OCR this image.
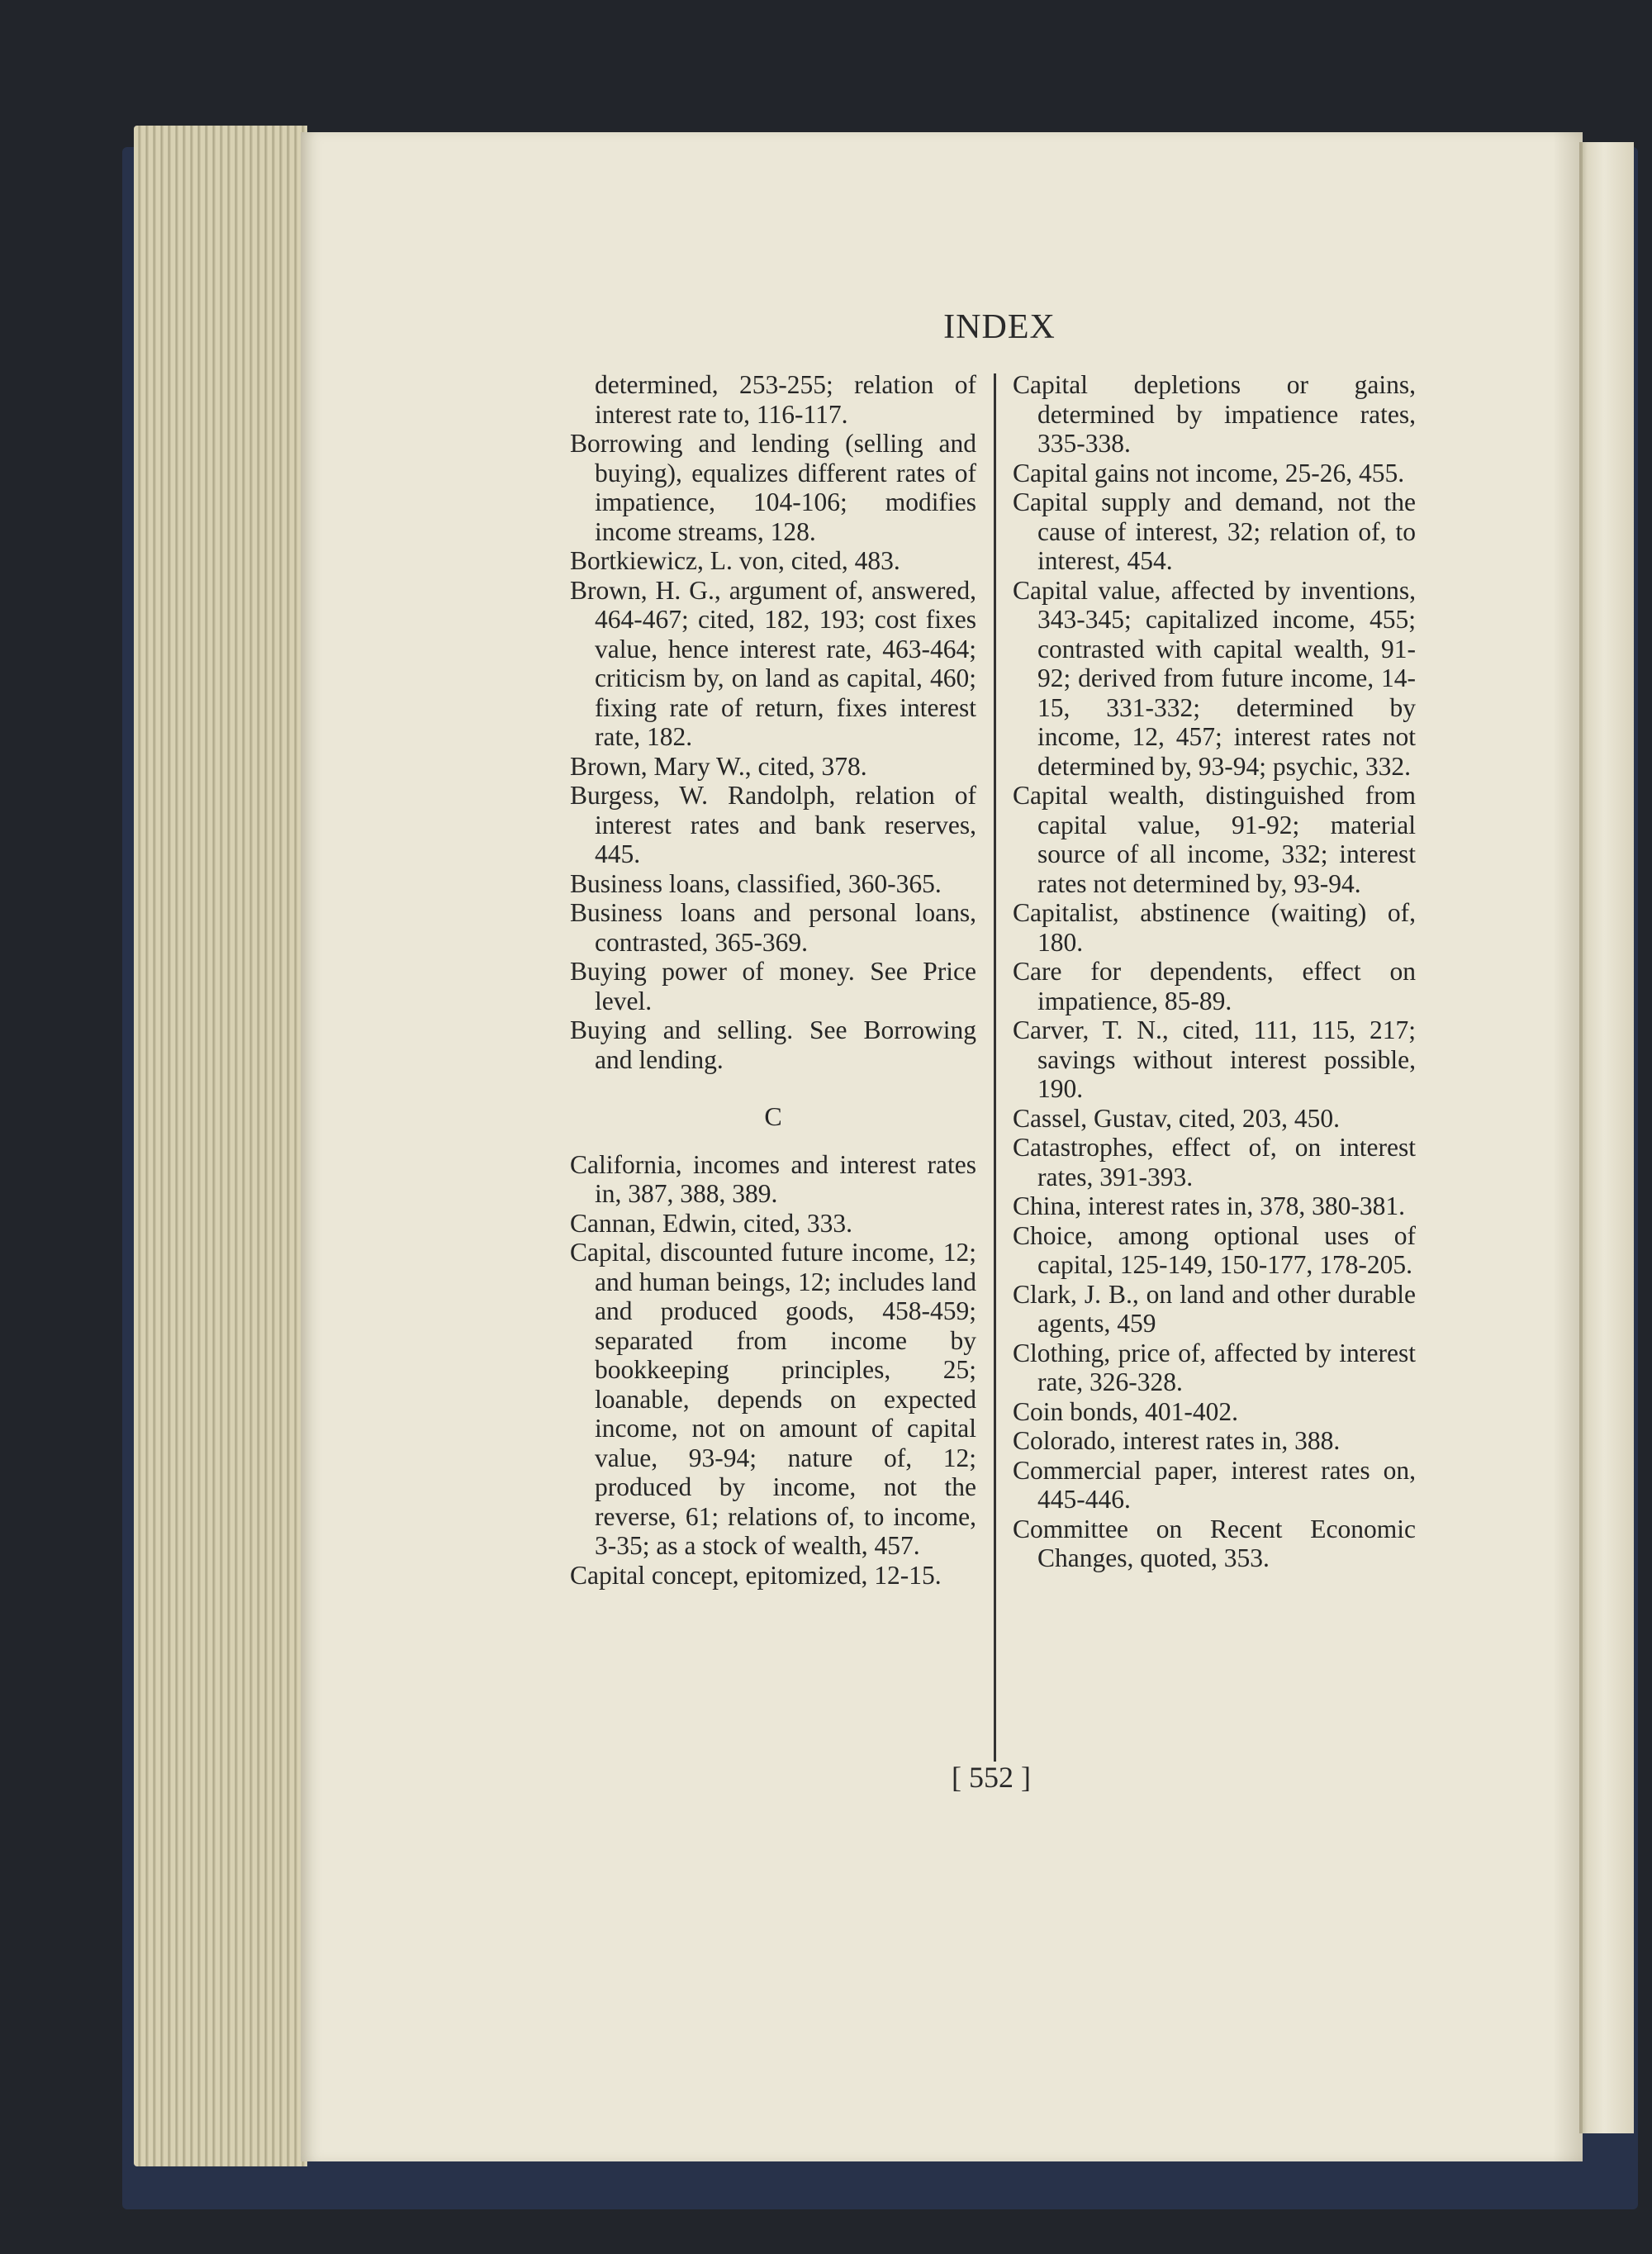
INDEX

determined, 253-255; relation of interest rate to, 116-117.

Borrowing and lending (selling and buying), equalizes different rates of impatience, 104-106; modifies income streams, 128.

Bortkiewicz, L. von, cited, 483.

Brown, H. G., argument of, answered, 464-467; cited, 182, 193; cost fixes value, hence interest rate, 463-464; criticism by, on land as capital, 460; fixing rate of return, fixes interest rate, 182.

Brown, Mary W., cited, 378.

Burgess, W. Randolph, relation of interest rates and bank reserves, 445.

Business loans, classified, 360-365.

Business loans and personal loans, contrasted, 365-369.

Buying power of money. See Price level.

Buying and selling. See Borrowing and lending.

C

California, incomes and interest rates in, 387, 388, 389.

Cannan, Edwin, cited, 333.

Capital, discounted future income, 12; and human beings, 12; includes land and produced goods, 458-459; separated from income by bookkeeping principles, 25; loanable, depends on expected income, not on amount of capital value, 93-94; nature of, 12; produced by income, not the reverse, 61; relations of, to income, 3-35; as a stock of wealth, 457.

Capital concept, epitomized, 12-15.

Capital depletions or gains, determined by impatience rates, 335-338.

Capital gains not income, 25-26, 455.

Capital supply and demand, not the cause of interest, 32; relation of, to interest, 454.

Capital value, affected by inventions, 343-345; capitalized income, 455; contrasted with capital wealth, 91-92; derived from future income, 14-15, 331-332; determined by income, 12, 457; interest rates not determined by, 93-94; psychic, 332.

Capital wealth, distinguished from capital value, 91-92; material source of all income, 332; interest rates not determined by, 93-94.

Capitalist, abstinence (waiting) of, 180.

Care for dependents, effect on impatience, 85-89.

Carver, T. N., cited, 111, 115, 217; savings without interest possible, 190.

Cassel, Gustav, cited, 203, 450.

Catastrophes, effect of, on interest rates, 391-393.

China, interest rates in, 378, 380-381.

Choice, among optional uses of capital, 125-149, 150-177, 178-205.

Clark, J. B., on land and other durable agents, 459

Clothing, price of, affected by interest rate, 326-328.

Coin bonds, 401-402.

Colorado, interest rates in, 388.

Commercial paper, interest rates on, 445-446.

Committee on Recent Economic Changes, quoted, 353.

[ 552 ]
